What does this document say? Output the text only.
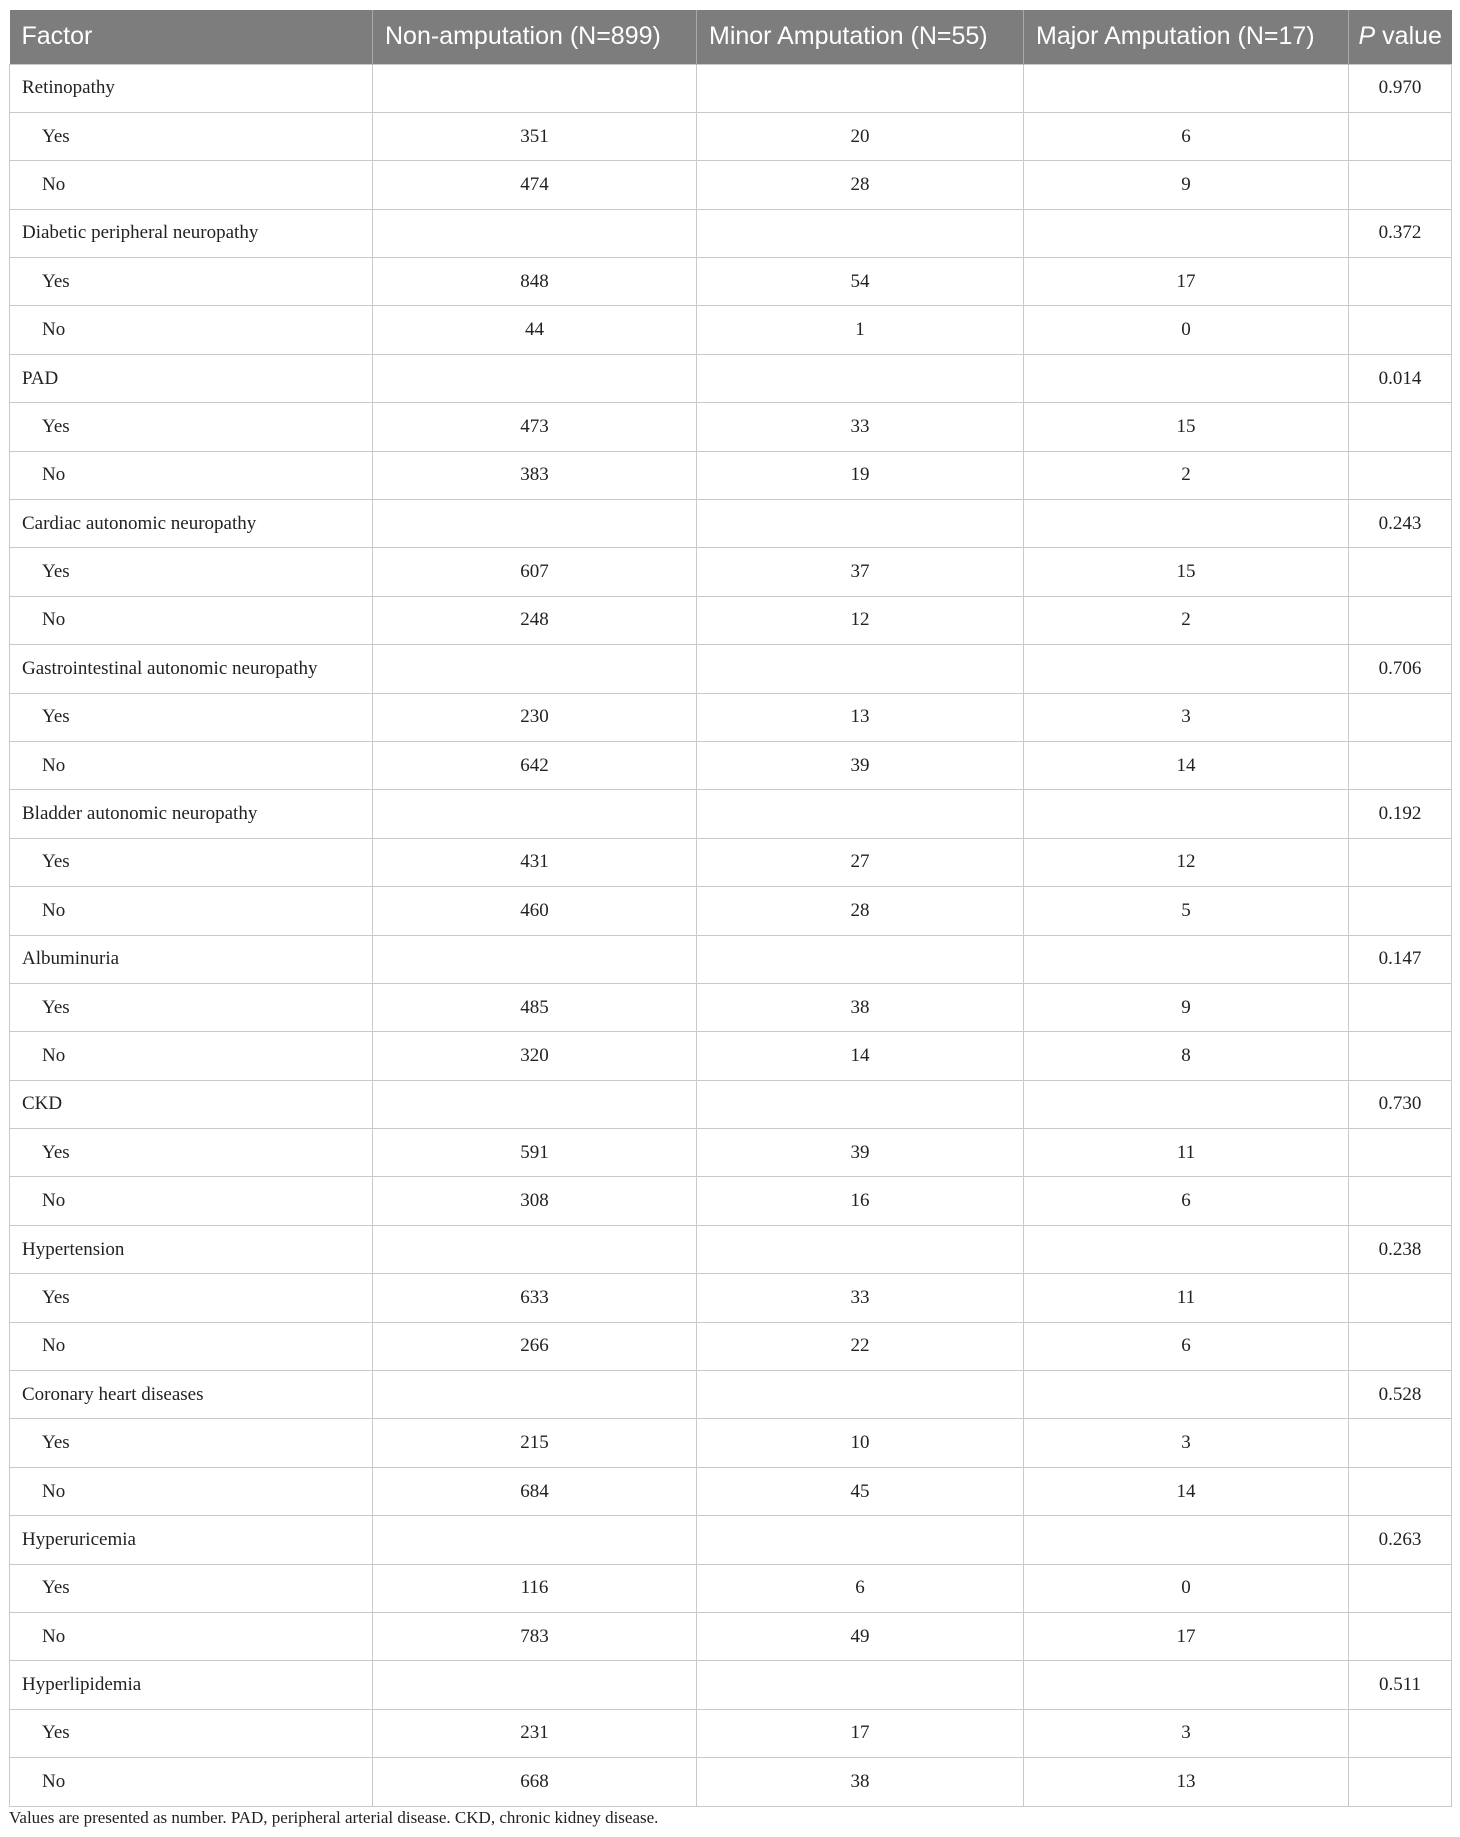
Factor	Non-amputation (N=899)	Minor Amputation (N=55)	Major Amputation (N=17)	P value
Retinopathy				0.970
Yes	351	20	6	
No	474	28	9	
Diabetic peripheral neuropathy				0.372
Yes	848	54	17	
No	44	1	0	
PAD				0.014
Yes	473	33	15	
No	383	19	2	
Cardiac autonomic neuropathy				0.243
Yes	607	37	15	
No	248	12	2	
Gastrointestinal autonomic neuropathy				0.706
Yes	230	13	3	
No	642	39	14	
Bladder autonomic neuropathy				0.192
Yes	431	27	12	
No	460	28	5	
Albuminuria				0.147
Yes	485	38	9	
No	320	14	8	
CKD				0.730
Yes	591	39	11	
No	308	16	6	
Hypertension				0.238
Yes	633	33	11	
No	266	22	6	
Coronary heart diseases				0.528
Yes	215	10	3	
No	684	45	14	
Hyperuricemia				0.263
Yes	116	6	0	
No	783	49	17	
Hyperlipidemia				0.511
Yes	231	17	3	
No	668	38	13	
Values are presented as number. PAD, peripheral arterial disease. CKD, chronic kidney disease.
